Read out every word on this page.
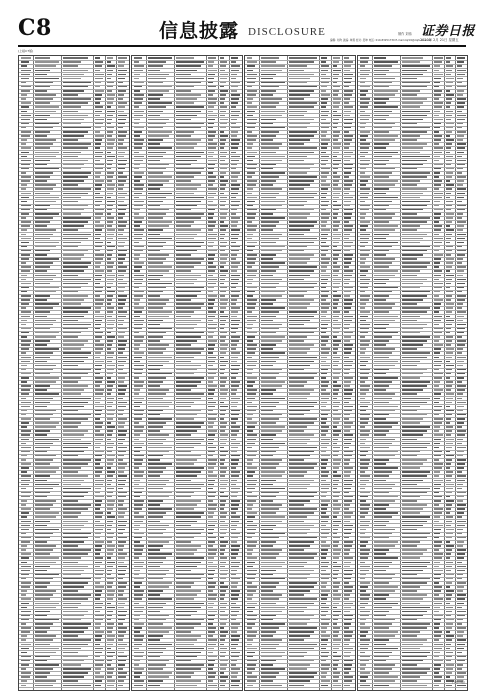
C8	信息披露 DISCLOSURE	制作 刘伟
编辑: 刘均 美编: 单翔 校对: 吴坤 电话: 010-83251730 E-mail:zqrb9@zqrb.sina.net
证券日报
2020年 2月 21日 星期五
(上接C7版)
(下转C9版)
